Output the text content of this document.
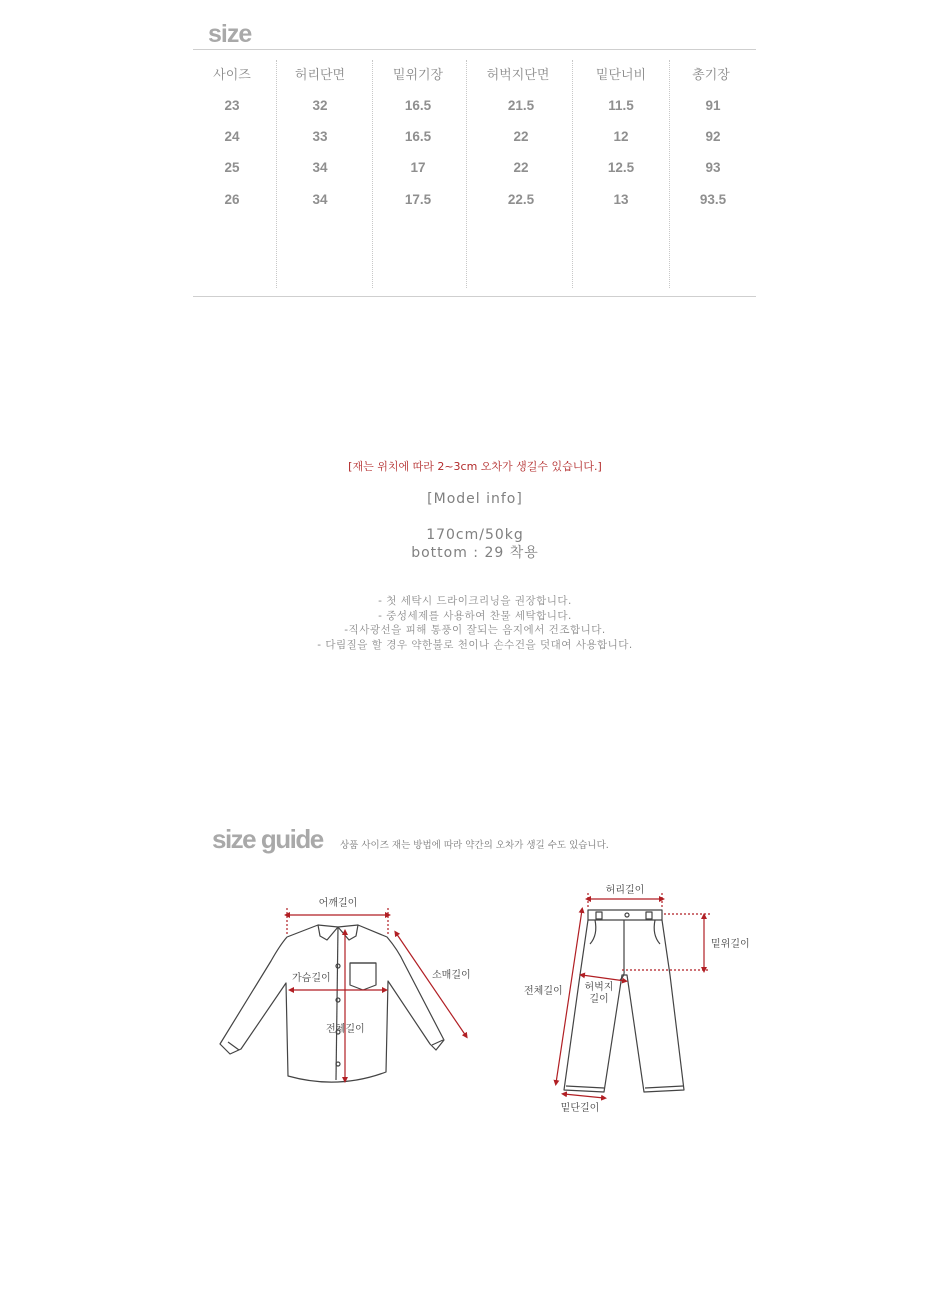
size
사이즈	허리단면	밑위기장	허벅지단면	밑단너비	총기장
23	32	16.5	21.5	11.5	91
24	33	16.5	22	12	92
25	34	17	22	12.5	93
26	34	17.5	22.5	13	93.5
[재는 위치에 따라 2~3cm 오차가 생길수 있습니다.]
[Model info]
170cm/50kg
bottom : 29 착용
- 첫 세탁시 드라이크리닝을 권장합니다.
- 중성세제를 사용하여 찬물 세탁합니다.
-직사광선을 피해 통풍이 잘되는 음지에서 건조합니다.
- 다림질을 할 경우 약한불로 천이나 손수건을 덧대여 사용합니다.
size guide 상품 사이즈 재는 방법에 따라 약간의 오차가 생길 수도 있습니다.
어깨길이
소매길이
가슴길이
전체길이
허리길이
밑위길이
전체길이 허벅지
길이
밑단길이
